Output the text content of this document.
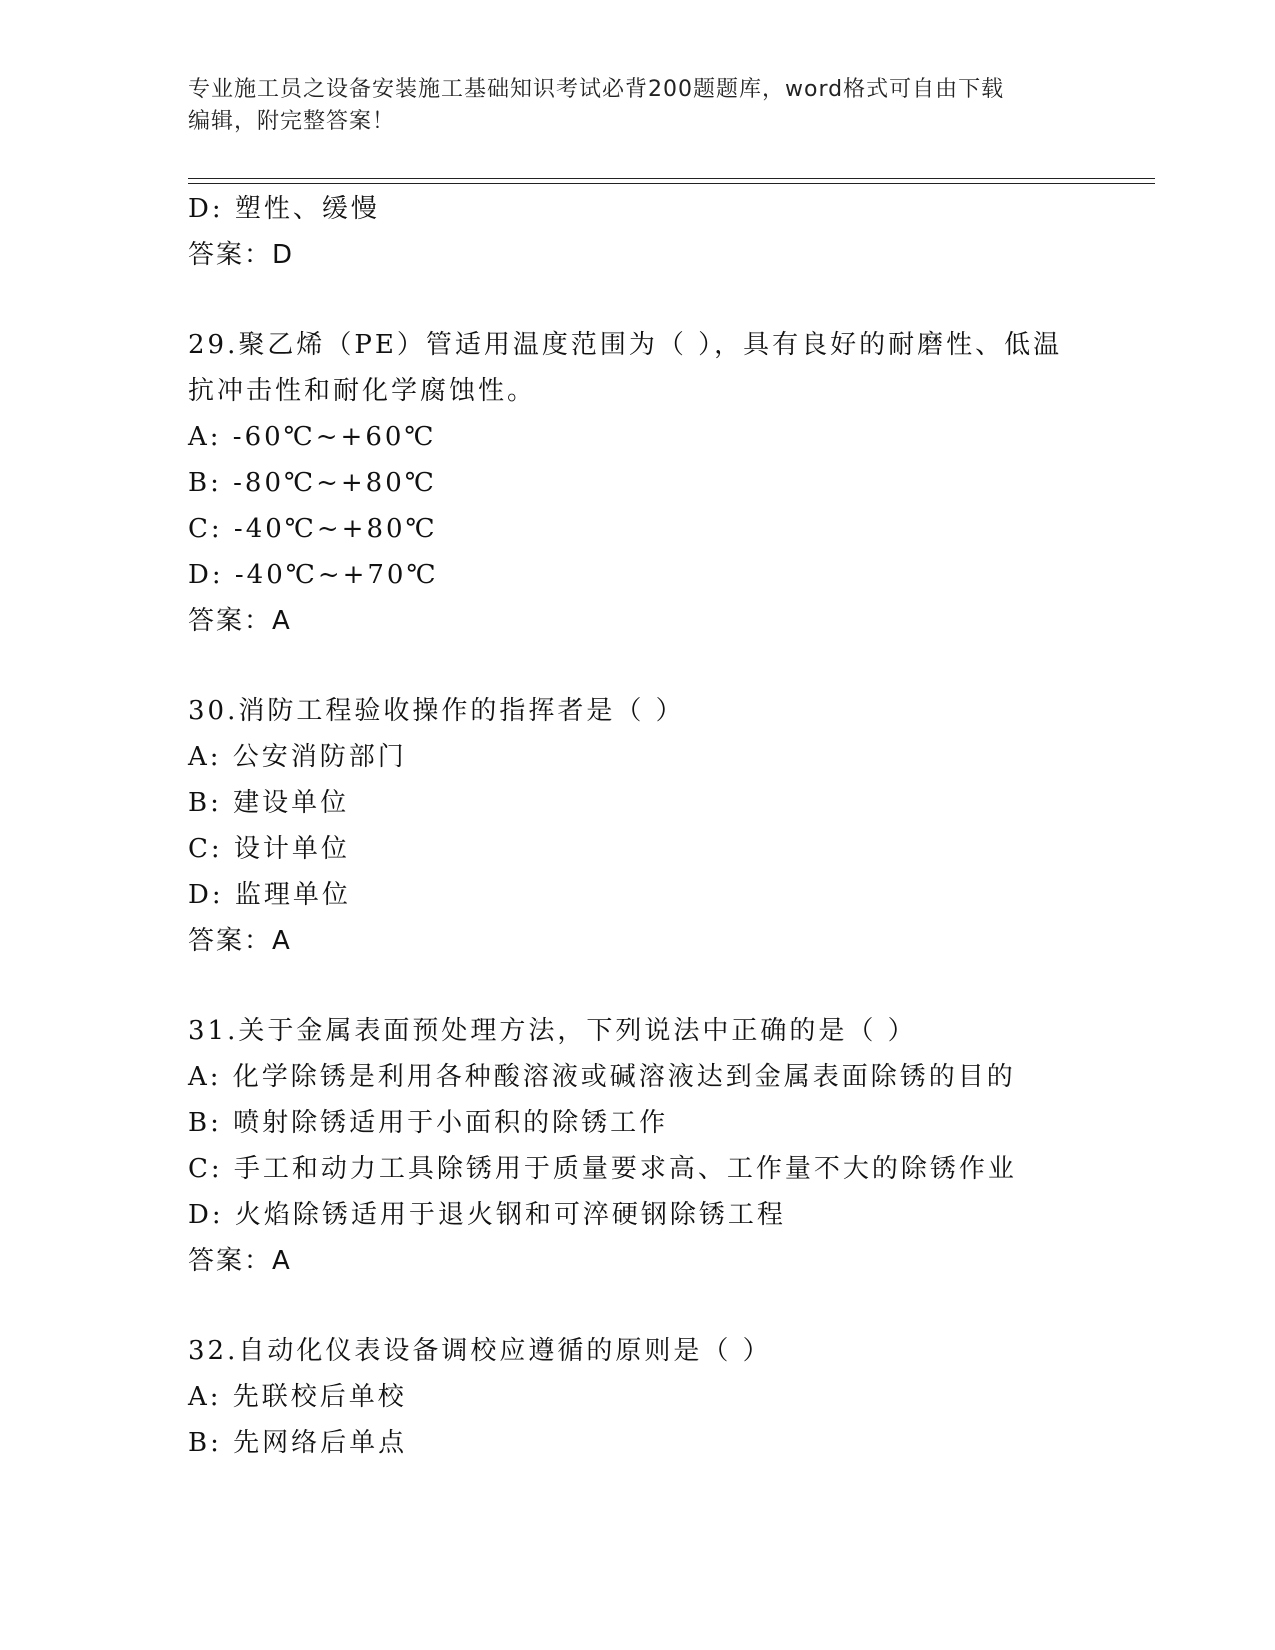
专业施工员之设备安装施工基础知识考试必背200题题库，word格式可自由下载
编辑，附完整答案！
D: 塑性、缓慢
答案：D
29.聚乙烯（PE）管适用温度范围为（ ），具有良好的耐磨性、低温
抗冲击性和耐化学腐蚀性。
A: -60℃~+60℃
B: -80℃~+80℃
C: -40℃~+80℃
D: -40℃~+70℃
答案：A
30.消防工程验收操作的指挥者是（ ）
A: 公安消防部门
B: 建设单位
C: 设计单位
D: 监理单位
答案：A
31.关于金属表面预处理方法，下列说法中正确的是（ ）
A: 化学除锈是利用各种酸溶液或碱溶液达到金属表面除锈的目的
B: 喷射除锈适用于小面积的除锈工作
C: 手工和动力工具除锈用于质量要求高、工作量不大的除锈作业
D: 火焰除锈适用于退火钢和可淬硬钢除锈工程
答案：A
32.自动化仪表设备调校应遵循的原则是（ ）
A: 先联校后单校
B: 先网络后单点
